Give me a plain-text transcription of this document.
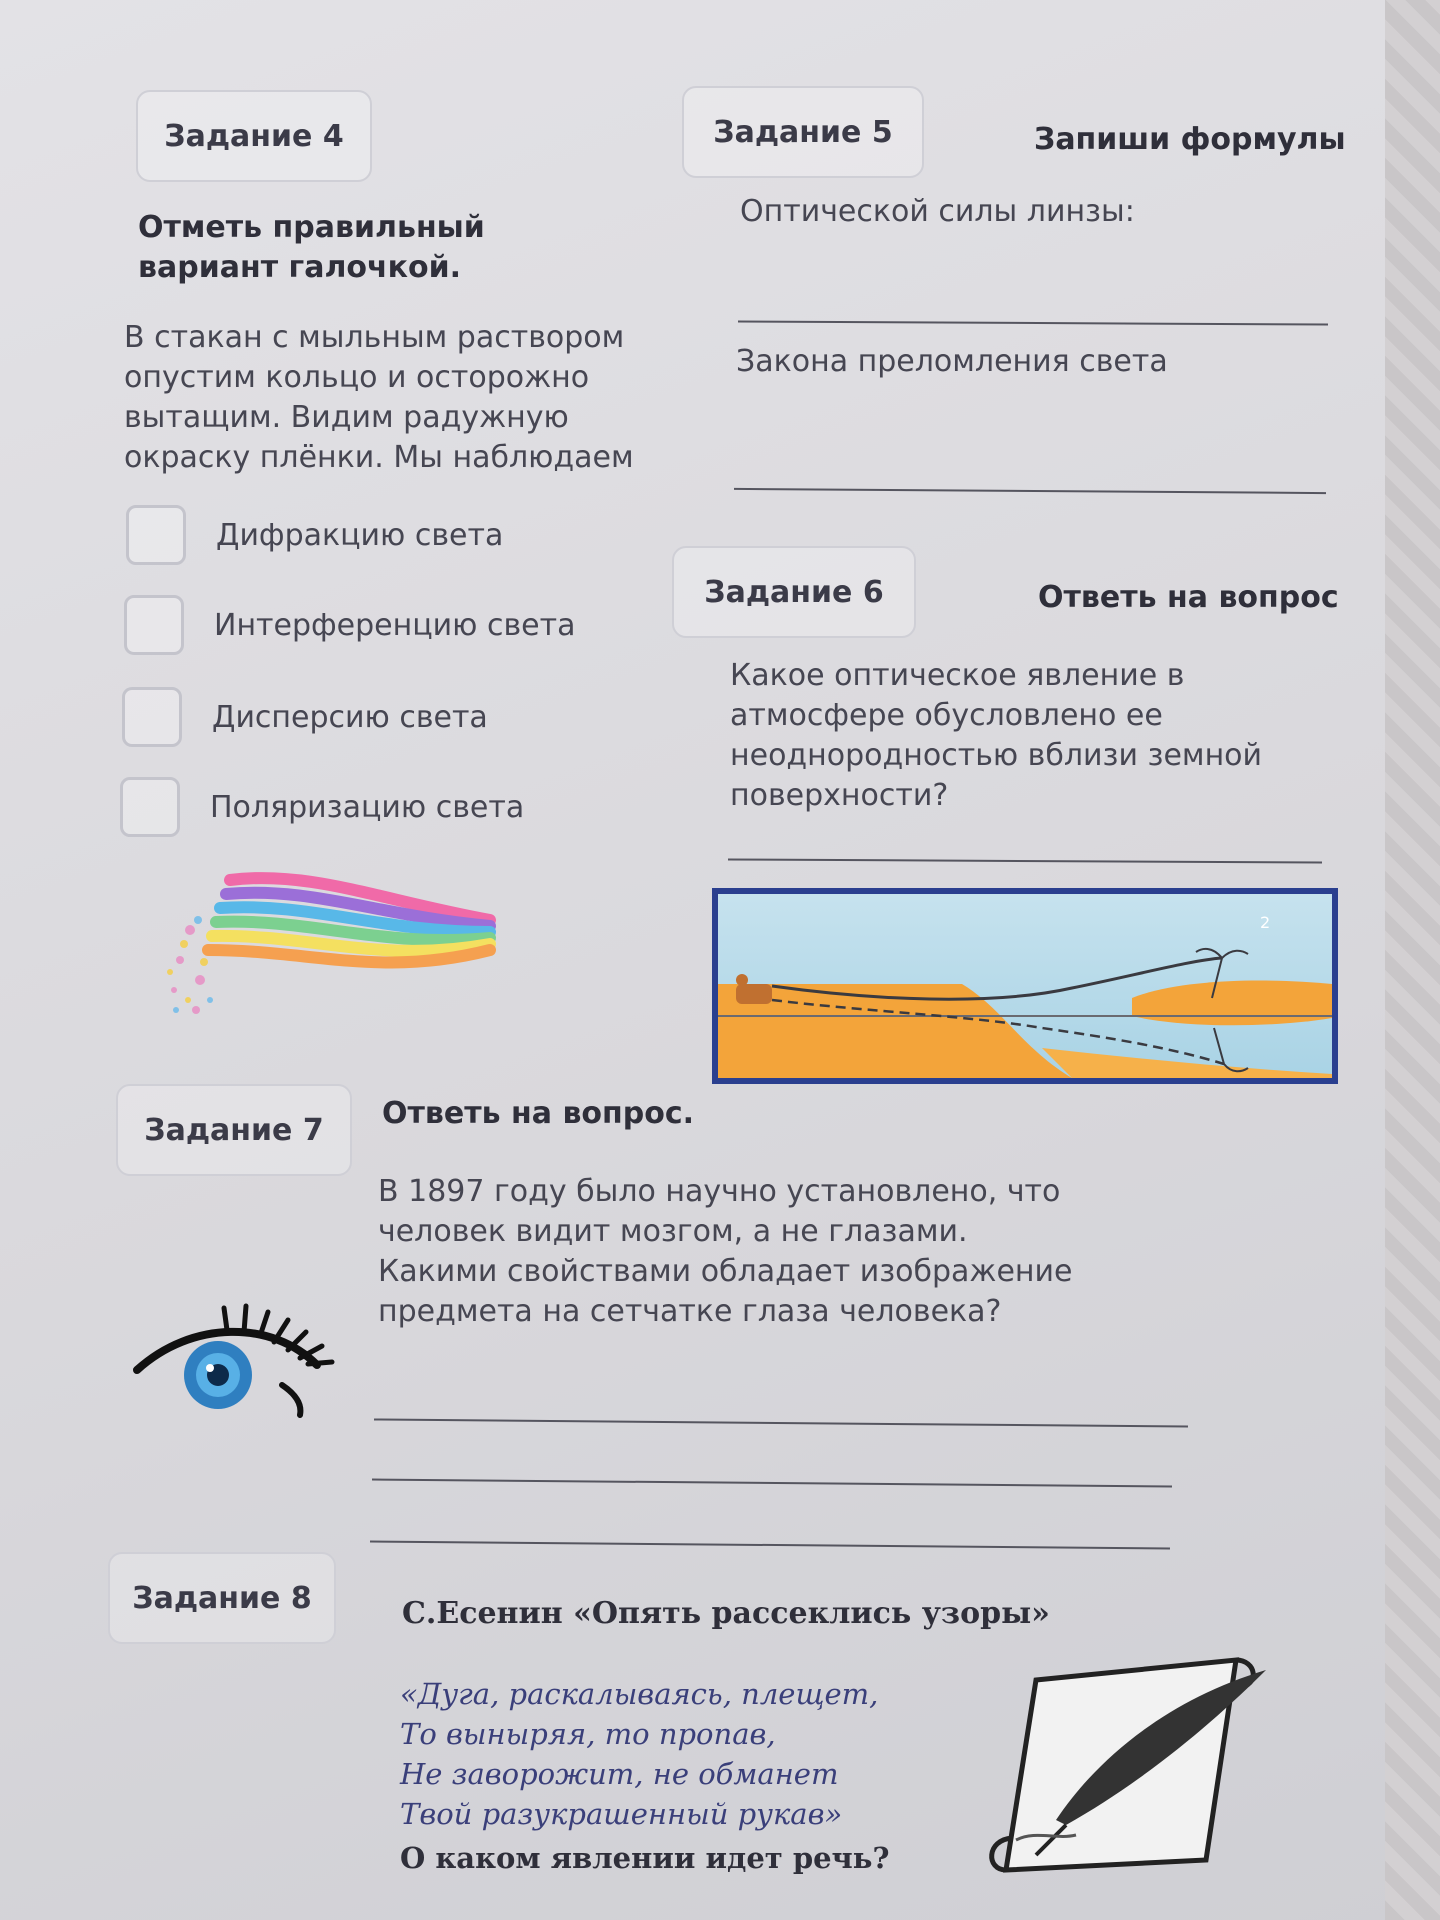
Задание 4
Отметь правильный вариант галочкой.
В стакан с мыльным раствором опустим кольцо и осторожно вытащим. Видим радужную окраску плёнки. Мы наблюдаем
Дифракцию света
Интерференцию света
Дисперсию света
Поляризацию света
Задание 5	Запиши формулы
Оптической силы линзы:
Закона преломления света
Задание 6	Ответь на вопрос
Какое оптическое явление в атмосфере обусловлено ее неоднородностью вблизи земной поверхности?
2
Задание 7	Ответь на вопрос.
В 1897 году было научно установлено, что человек видит мозгом, а не глазами. Какими свойствами обладает изображение предмета на сетчатке глаза человека?
Задание 8	С.Есенин «Опять рассеклись узоры»
«Дуга, раскалываясь, плещет,
То выныряя, то пропав,
Не заворожит, не обманет
Твой разукрашенный рукав»
О каком явлении идет речь?
